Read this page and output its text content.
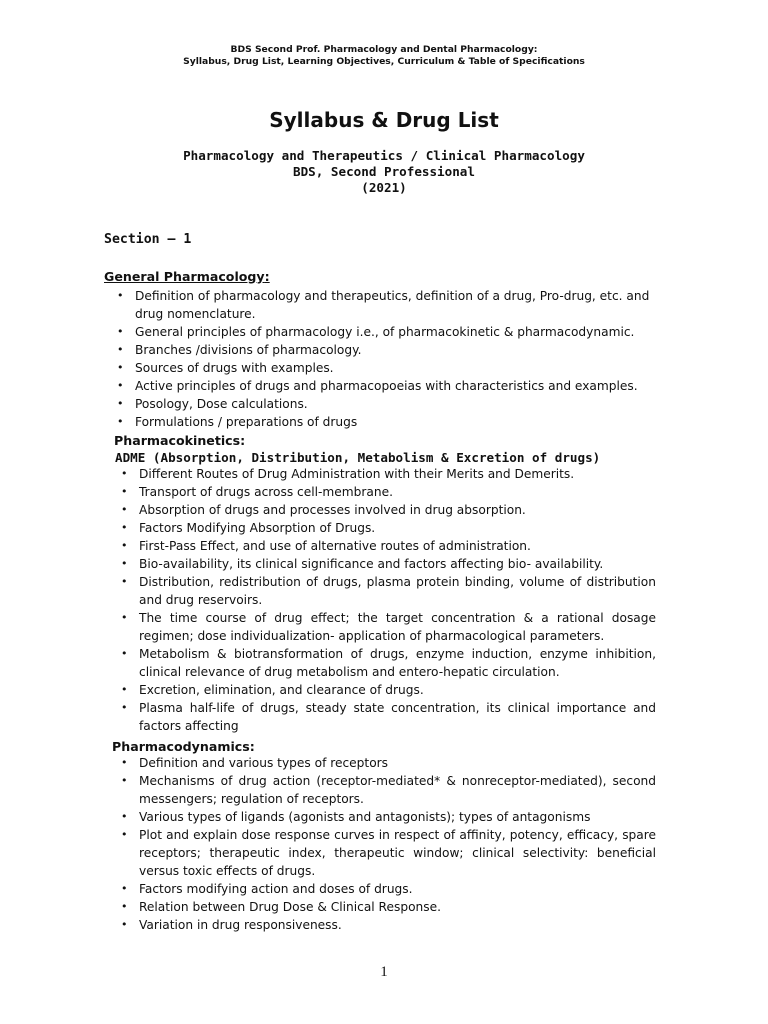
BDS Second Prof. Pharmacology and Dental Pharmacology:
Syllabus, Drug List, Learning Objectives, Curriculum & Table of Specifications
Syllabus & Drug List
Pharmacology and Therapeutics / Clinical Pharmacology
BDS, Second Professional
(2021)
Section – 1
General Pharmacology:
• Definition of pharmacology and therapeutics, definition of a drug, Pro-drug, etc. and drug nomenclature.
• General principles of pharmacology i.e., of pharmacokinetic & pharmacodynamic.
• Branches /divisions of pharmacology.
• Sources of drugs with examples.
• Active principles of drugs and pharmacopoeias with characteristics and examples.
• Posology, Dose calculations.
• Formulations / preparations of drugs
Pharmacokinetics:
ADME (Absorption, Distribution, Metabolism & Excretion of drugs)
• Different Routes of Drug Administration with their Merits and Demerits.
• Transport of drugs across cell-membrane.
• Absorption of drugs and processes involved in drug absorption.
• Factors Modifying Absorption of Drugs.
• First-Pass Effect, and use of alternative routes of administration.
• Bio-availability, its clinical significance and factors affecting bio- availability.
• Distribution, redistribution of drugs, plasma protein binding, volume of distribution and drug reservoirs.
• The time course of drug effect; the target concentration & a rational dosage regimen; dose individualization- application of pharmacological parameters.
• Metabolism & biotransformation of drugs, enzyme induction, enzyme inhibition, clinical relevance of drug metabolism and entero-hepatic circulation.
• Excretion, elimination, and clearance of drugs.
• Plasma half-life of drugs, steady state concentration, its clinical importance and factors affecting
Pharmacodynamics:
• Definition and various types of receptors
• Mechanisms of drug action (receptor-mediated* & nonreceptor-mediated), second messengers; regulation of receptors.
• Various types of ligands (agonists and antagonists); types of antagonisms
• Plot and explain dose response curves in respect of affinity, potency, efficacy, spare receptors; therapeutic index, therapeutic window; clinical selectivity: beneficial versus toxic effects of drugs.
• Factors modifying action and doses of drugs.
• Relation between Drug Dose & Clinical Response.
• Variation in drug responsiveness.
1
